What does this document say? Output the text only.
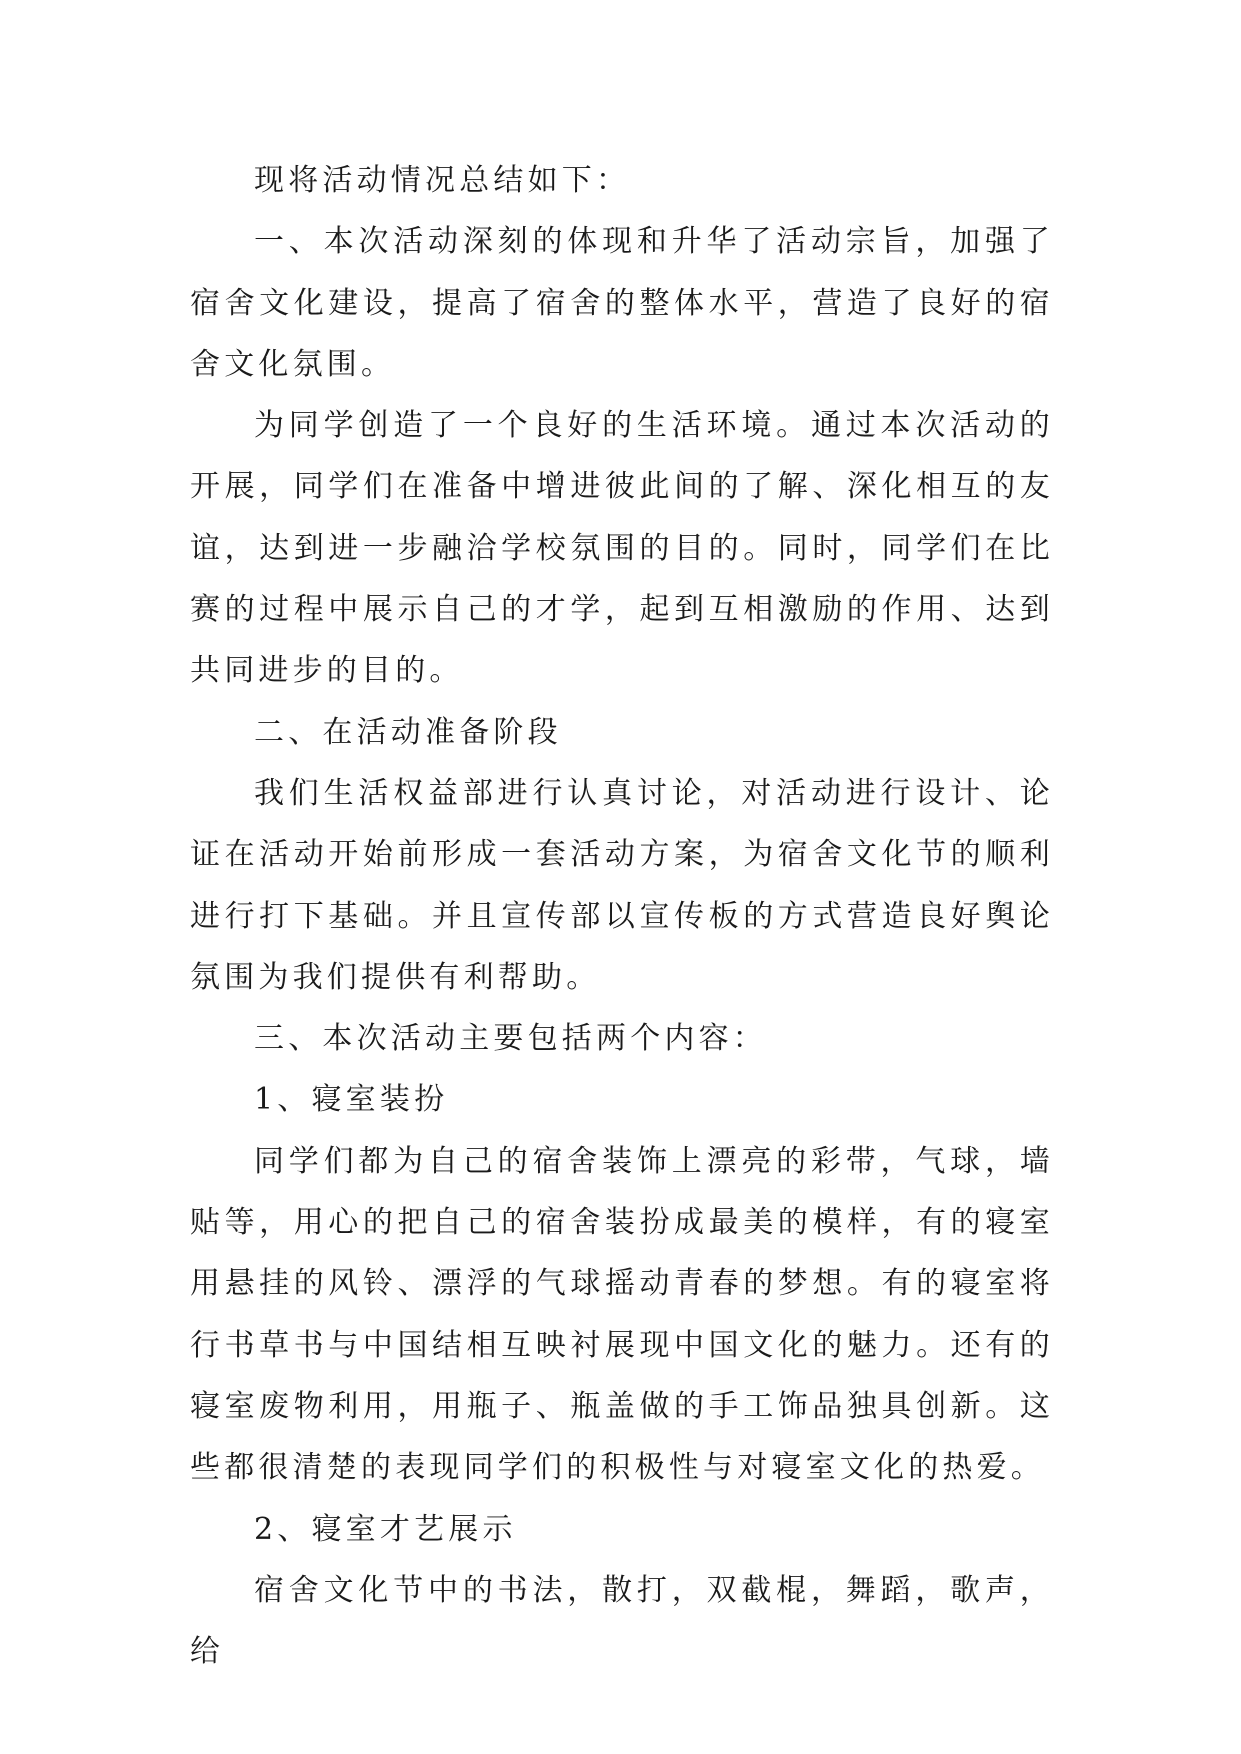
现将活动情况总结如下：

一、本次活动深刻的体现和升华了活动宗旨，加强了宿舍文化建设，提高了宿舍的整体水平，营造了良好的宿舍文化氛围。

为同学创造了一个良好的生活环境。通过本次活动的开展，同学们在准备中增进彼此间的了解、深化相互的友谊，达到进一步融洽学校氛围的目的。同时，同学们在比赛的过程中展示自己的才学，起到互相激励的作用、达到共同进步的目的。

二、在活动准备阶段

我们生活权益部进行认真讨论，对活动进行设计、论证在活动开始前形成一套活动方案，为宿舍文化节的顺利进行打下基础。并且宣传部以宣传板的方式营造良好舆论氛围为我们提供有利帮助。

三、本次活动主要包括两个内容：

1、寝室装扮

同学们都为自己的宿舍装饰上漂亮的彩带，气球，墙贴等，用心的把自己的宿舍装扮成最美的模样，有的寝室用悬挂的风铃、漂浮的气球摇动青春的梦想。有的寝室将行书草书与中国结相互映衬展现中国文化的魅力。还有的寝室废物利用，用瓶子、瓶盖做的手工饰品独具创新。这些都很清楚的表现同学们的积极性与对寝室文化的热爱。

2、寝室才艺展示

宿舍文化节中的书法，散打，双截棍，舞蹈，歌声，给
